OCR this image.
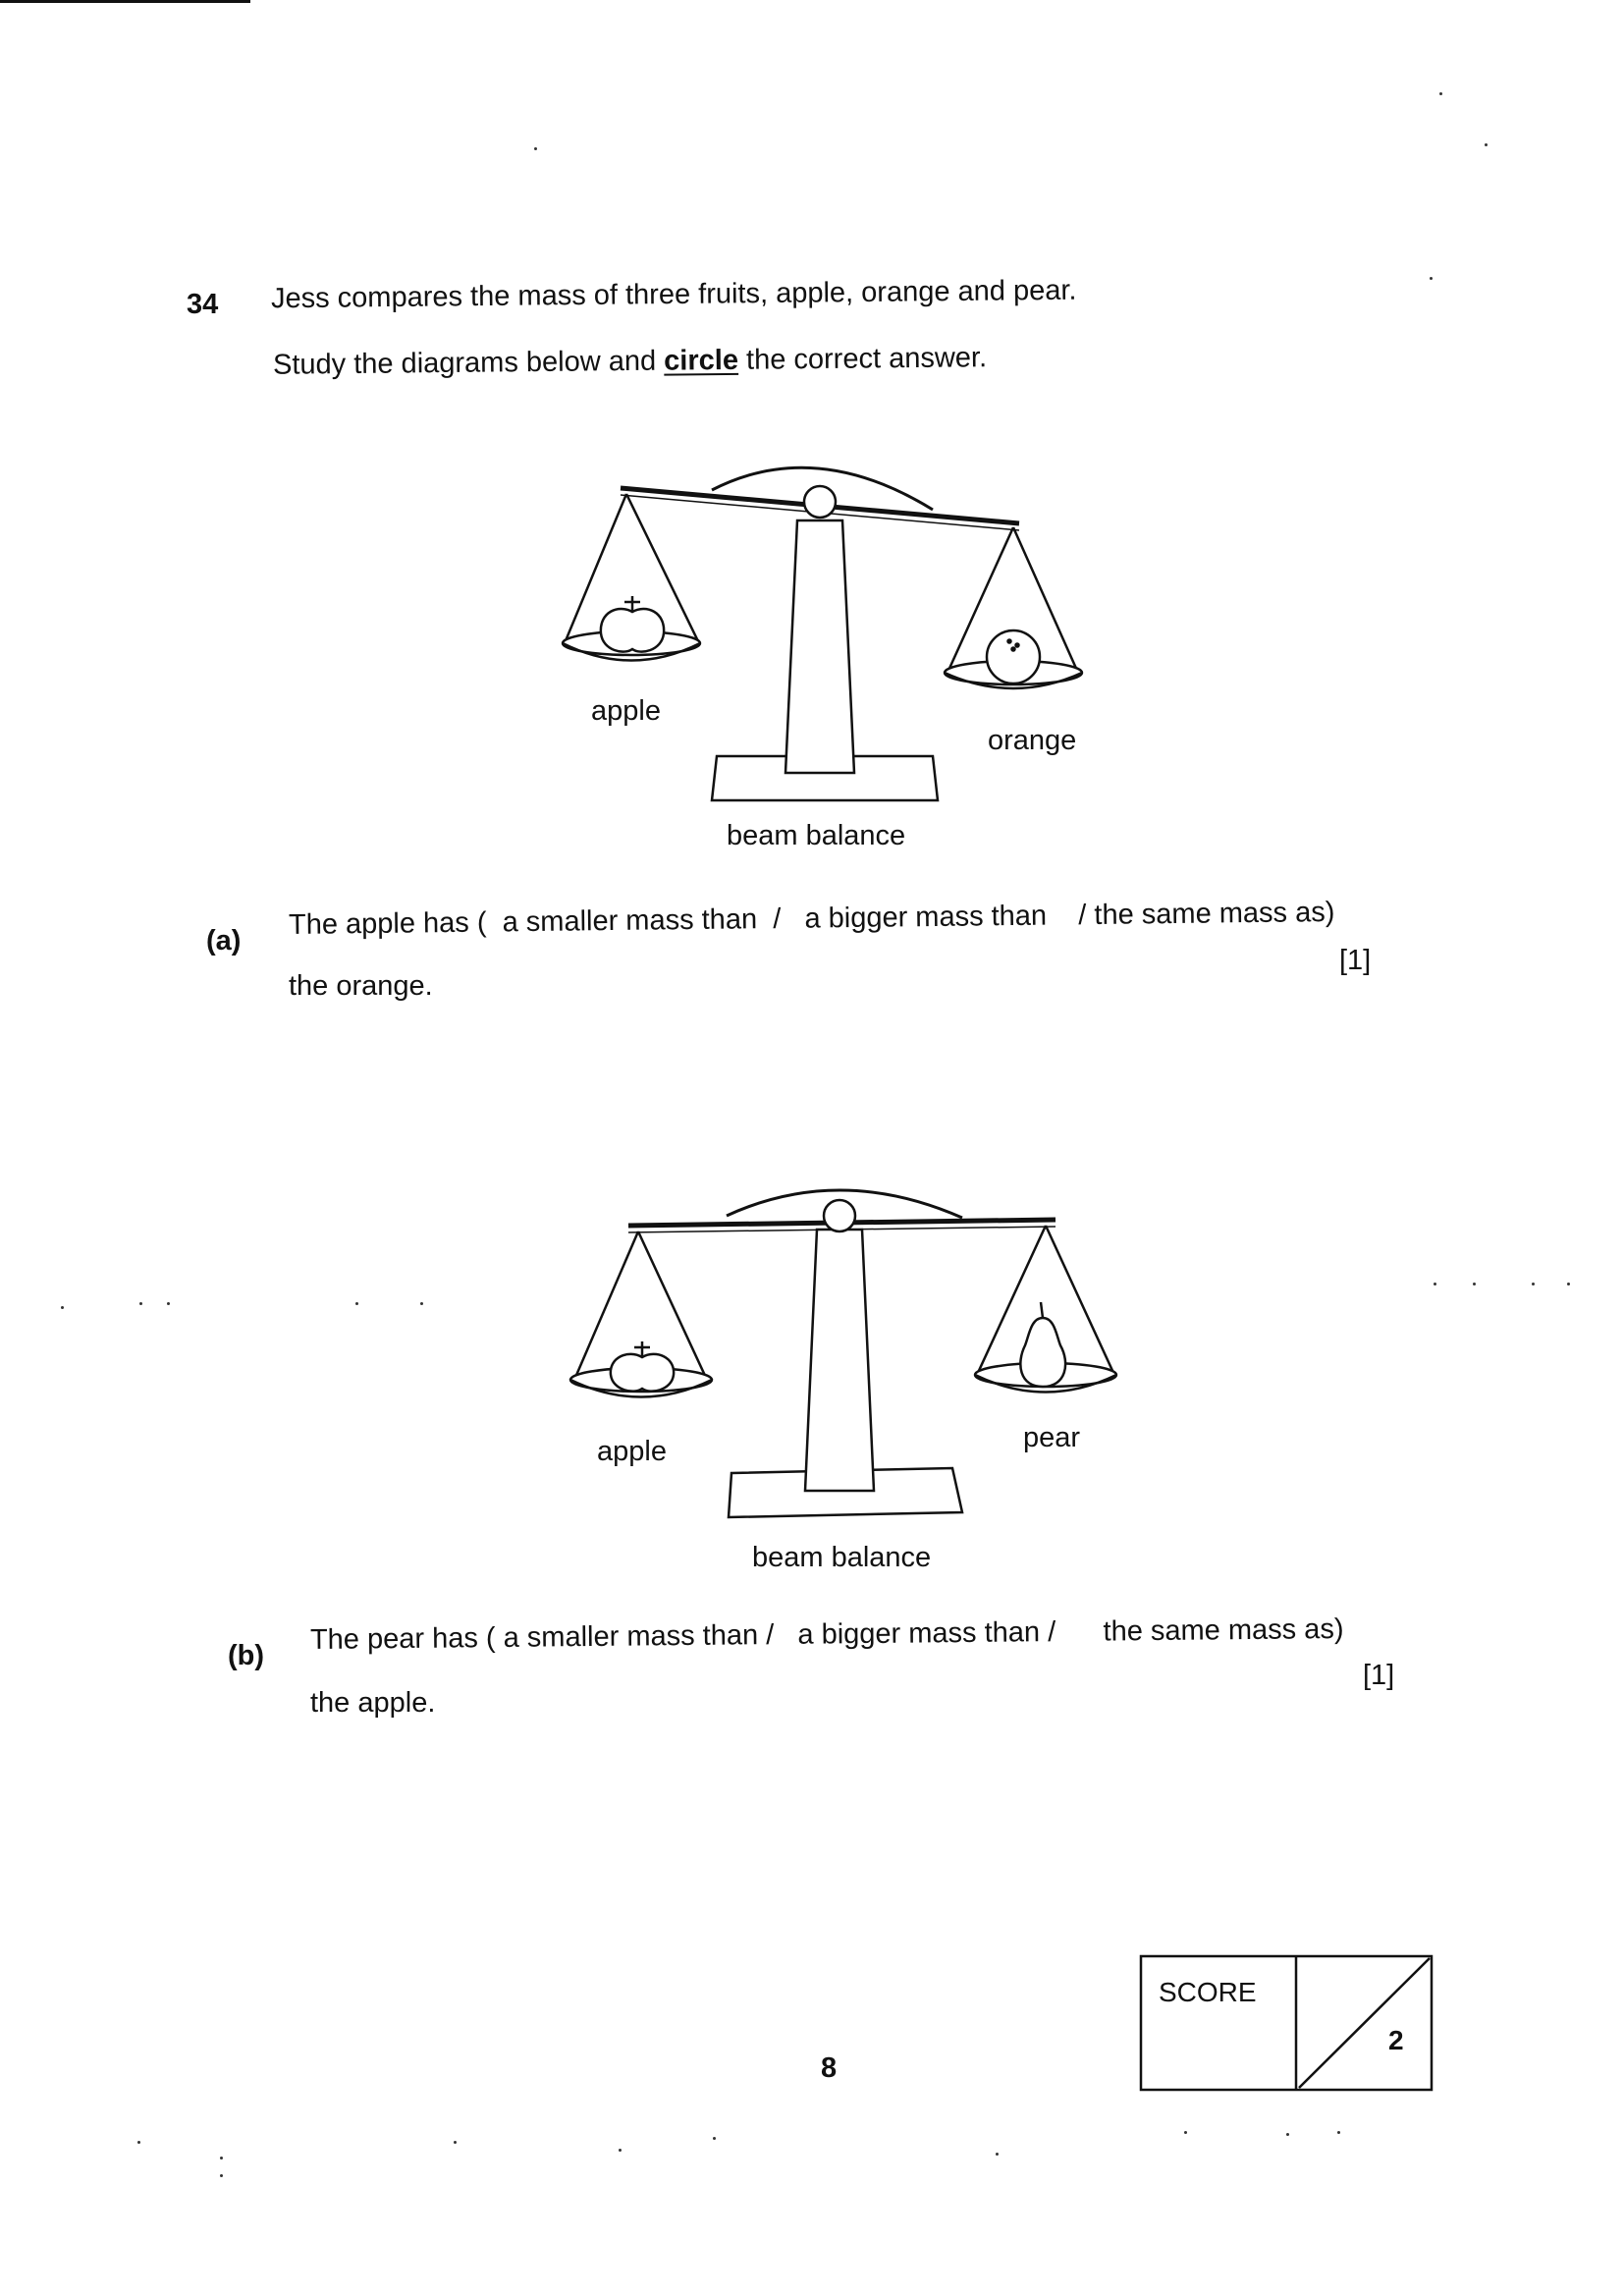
34 Jess compares the mass of three fruits, apple, orange and pear.
Study the diagrams below and circle the correct answer.
apple
orange
beam balance
(a)
The apple has ( a smaller mass than / a bigger mass than / the same mass as)
[1]
the orange.
apple	pear
beam balance
(b)
The pear has ( a smaller mass than / a bigger mass than / the same mass as)
[1]
the apple.
8
SCORE
2
